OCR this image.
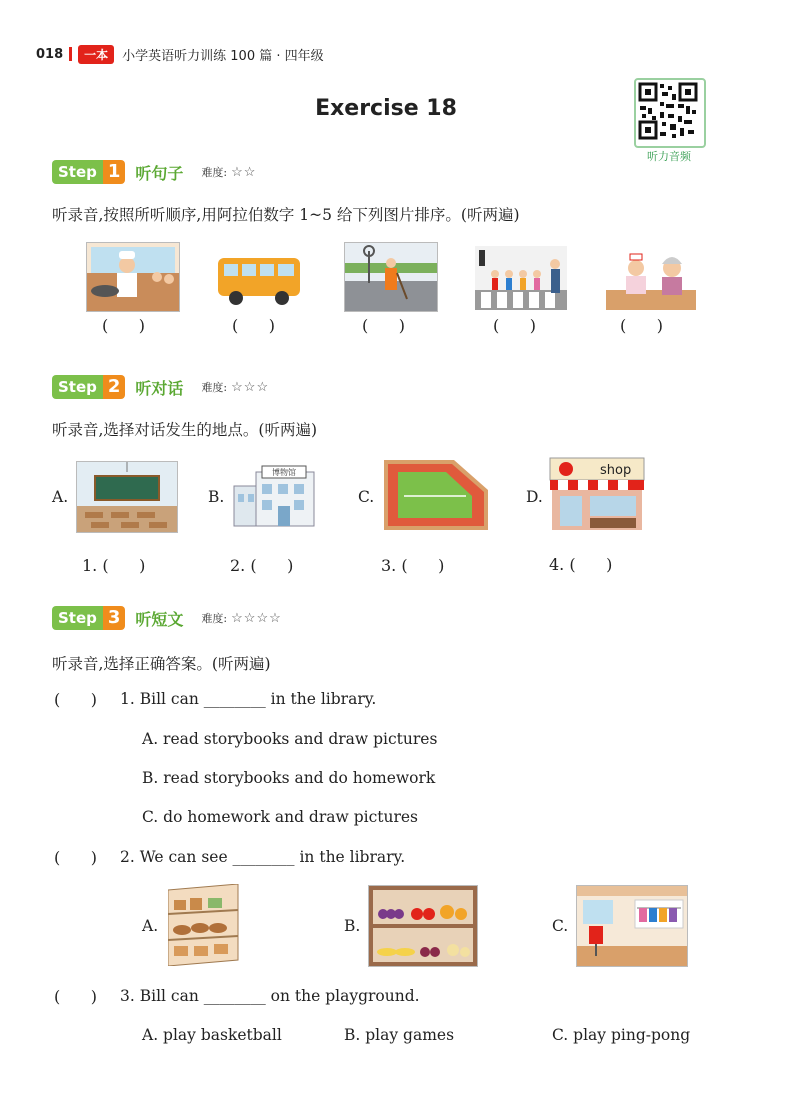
018	一本	小学英语听力训练 100 篇 · 四年级
Exercise 18
听力音频
Step 1 听句子 难度: ☆☆
听录音,按照所听顺序,用阿拉伯数字 1~5 给下列图片排序。(听两遍)
(      )	(      )	(      )	(      )	(      )
Step 2 听对话 难度: ☆☆☆
听录音,选择对话发生的地点。(听两遍)
A.	B.
博物馆
C.	D.
shop
1. (      )	2. (      )	3. (      )	4. (      )
Step 3 听短文 难度: ☆☆☆☆
听录音,选择正确答案。(听两遍)
(      ) 1. Bill can ________ in the library.
A. read storybooks and draw pictures
B. read storybooks and do homework
C. do homework and draw pictures
(      ) 2. We can see ________ in the library.
A.	B.	C.
(      ) 3. Bill can ________ on the playground.
A. play basketball	B. play games	C. play ping-pong
